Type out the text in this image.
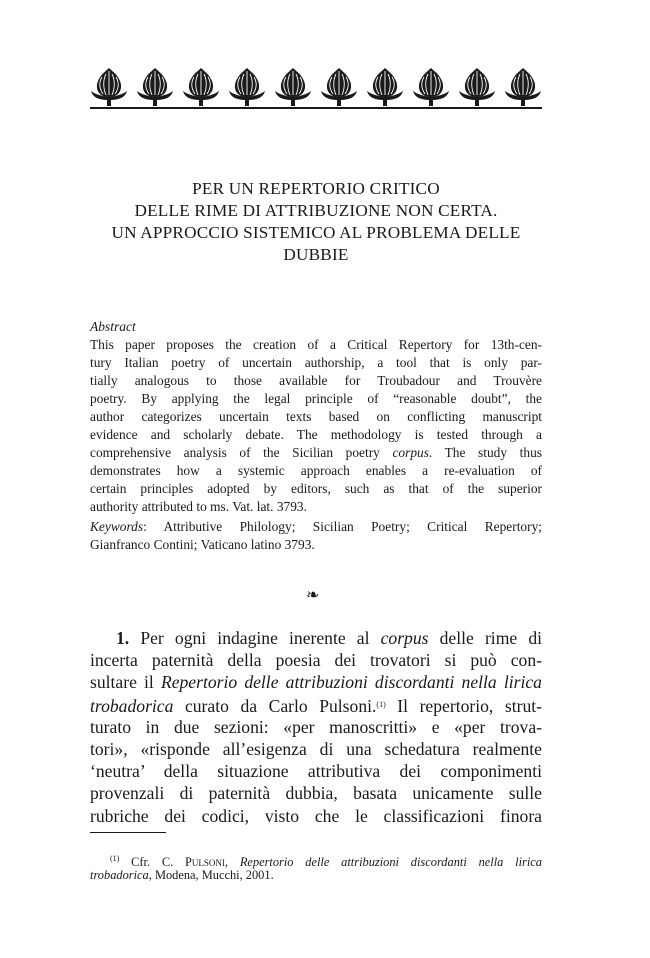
PER UN REPERTORIO CRITICO
DELLE RIME DI ATTRIBUZIONE NON CERTA.
UN APPROCCIO SISTEMICO AL PROBLEMA DELLE
DUBBIE
Abstract
This paper proposes the creation of a Critical Repertory for 13th-cen-
tury Italian poetry of uncertain authorship, a tool that is only par-
tially analogous to those available for Troubadour and Trouvère
poetry. By applying the legal principle of “reasonable doubt”, the
author categorizes uncertain texts based on conflicting manuscript
evidence and scholarly debate. The methodology is tested through a
comprehensive analysis of the Sicilian poetry corpus. The study thus
demonstrates how a systemic approach enables a re-evaluation of
certain principles adopted by editors, such as that of the superior
authority attributed to ms. Vat. lat. 3793.
Keywords: Attributive Philology; Sicilian Poetry; Critical Repertory;
Gianfranco Contini; Vaticano latino 3793.
❧
1. Per ogni indagine inerente al corpus delle rime di
incerta paternità della poesia dei trovatori si può con-
sultare il Repertorio delle attribuzioni discordanti nella lirica
trobadorica curato da Carlo Pulsoni.$^{(1)}$ Il repertorio, strut-
turato in due sezioni: «per manoscritti» e «per trova-
tori», «risponde all’esigenza di una schedatura realmente
‘neutra’ della situazione attributiva dei componimenti
provenzali di paternità dubbia, basata unicamente sulle
rubriche dei codici, visto che le classificazioni finora
$^{(1)}$ Cfr. C. Pulsoni, Repertorio delle attribuzioni discordanti nella lirica
trobadorica, Modena, Mucchi, 2001.
